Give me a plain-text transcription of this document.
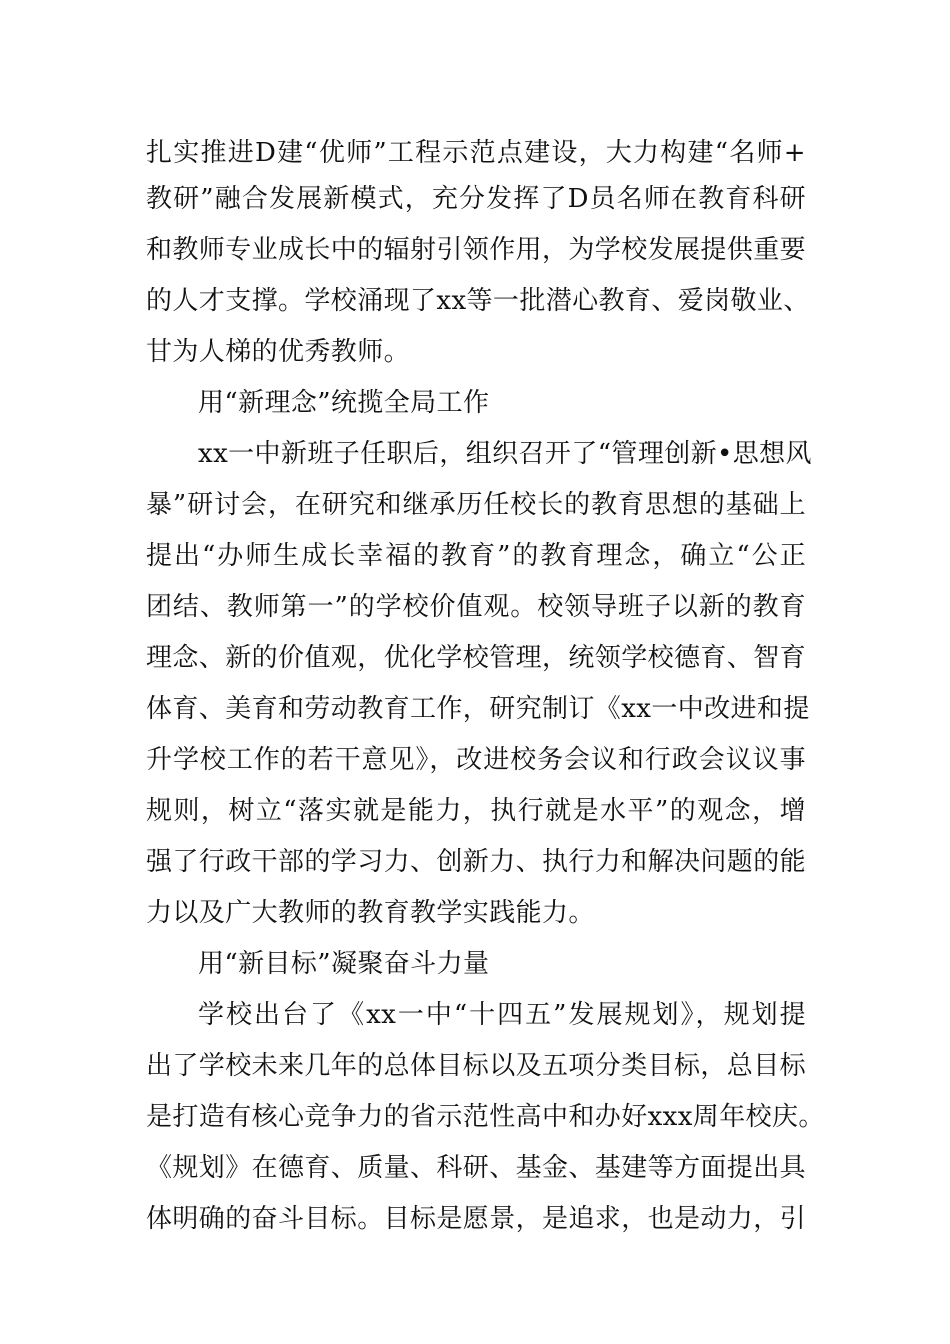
扎实推进D建“优师”工程示范点建设，大力构建“名师+
教研”融合发展新模式，充分发挥了D员名师在教育科研
和教师专业成长中的辐射引领作用，为学校发展提供重要
的人才支撑。学校涌现了xx等一批潜心教育、爱岗敬业、
甘为人梯的优秀教师。
用“新理念”统揽全局工作
xx一中新班子任职后，组织召开了“管理创新•思想风
暴”研讨会，在研究和继承历任校长的教育思想的基础上
提出“办师生成长幸福的教育”的教育理念，确立“公正
团结、教师第一”的学校价值观。校领导班子以新的教育
理念、新的价值观，优化学校管理，统领学校德育、智育
体育、美育和劳动教育工作，研究制订《xx一中改进和提
升学校工作的若干意见》，改进校务会议和行政会议议事
规则，树立“落实就是能力，执行就是水平”的观念，增
强了行政干部的学习力、创新力、执行力和解决问题的能
力以及广大教师的教育教学实践能力。
用“新目标”凝聚奋斗力量
学校出台了《xx一中“十四五”发展规划》，规划提
出了学校未来几年的总体目标以及五项分类目标，总目标
是打造有核心竞争力的省示范性高中和办好xxx周年校庆。
《规划》在德育、质量、科研、基金、基建等方面提出具
体明确的奋斗目标。目标是愿景，是追求，也是动力，引
